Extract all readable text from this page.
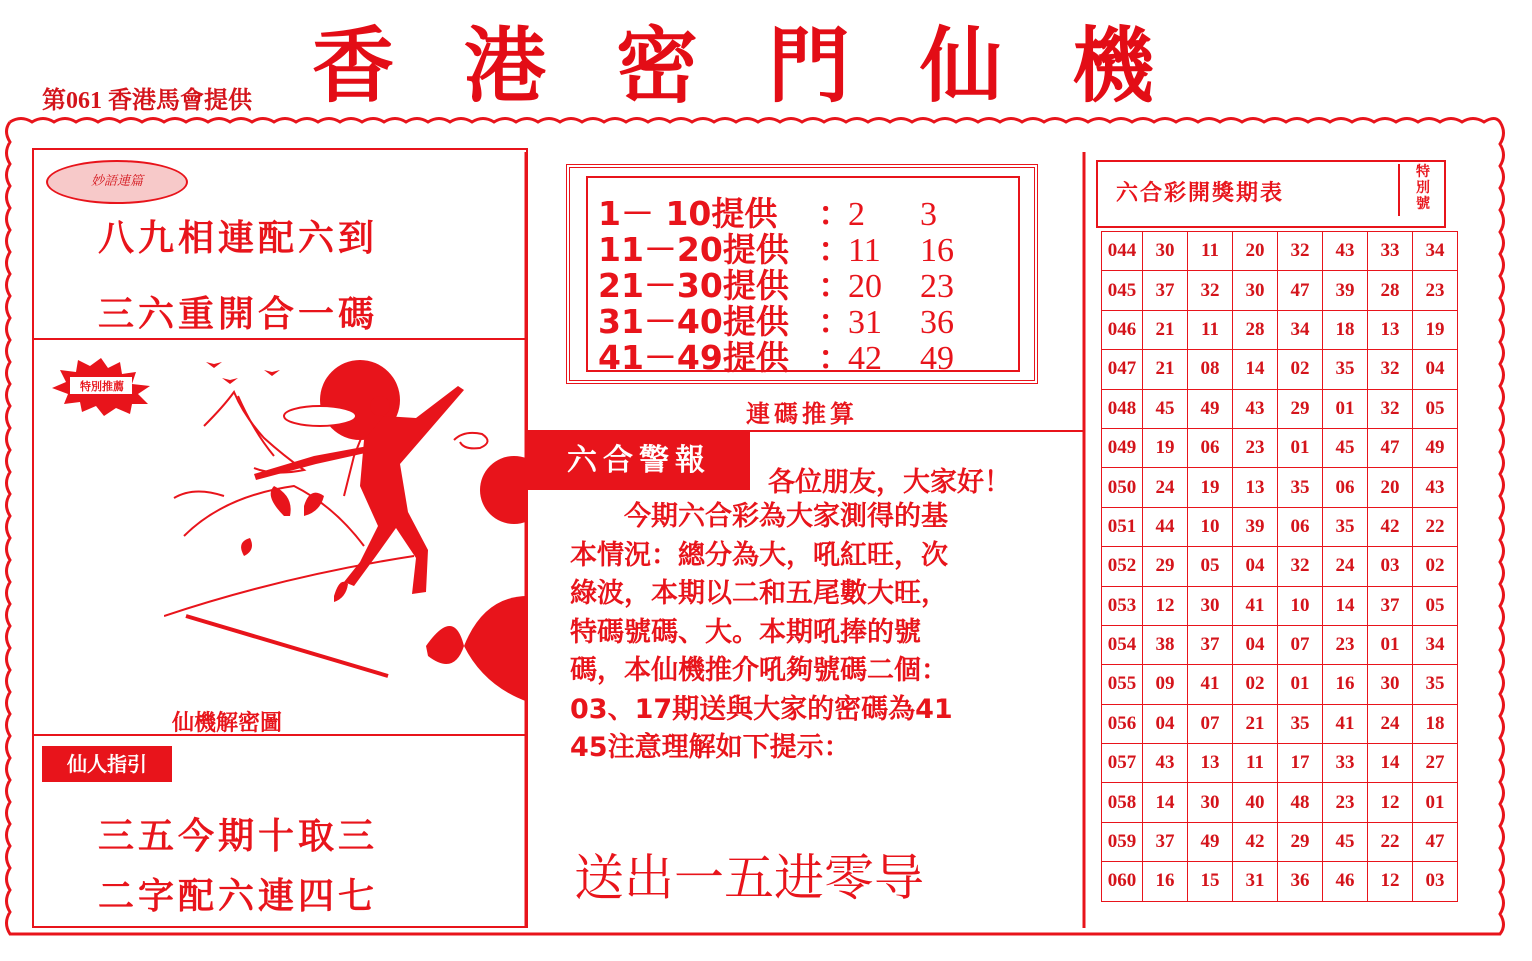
第061 香港馬會提供 香港密門仙機
妙語連篇
八九相連配六到
三六重開合一碼
特別推薦
仙機解密圖
仙人指引
三五今期十取三
二字配六連四七
1－ 10提供 ：2 3
11－20提供 ：11 16
21－30提供 ：20 23
31－40提供 ：31 36
41－49提供 ：42 49
連碼推算
六合警報
各位朋友，大家好！
　　今期六合彩為大家測得的基
本情況：總分為大，吼紅旺，次
綠波，本期以二和五尾數大旺，
特碼號碼、大。本期吼捧的號
碼，本仙機推介吼夠號碼二個：
03、17期送與大家的密碼為41
45注意理解如下提示：
送出一五进零导
六合彩開獎期表
特別號
044	30	11	20	32	43	33	34
045	37	32	30	47	39	28	23
046	21	11	28	34	18	13	19
047	21	08	14	02	35	32	04
048	45	49	43	29	01	32	05
049	19	06	23	01	45	47	49
050	24	19	13	35	06	20	43
051	44	10	39	06	35	42	22
052	29	05	04	32	24	03	02
053	12	30	41	10	14	37	05
054	38	37	04	07	23	01	34
055	09	41	02	01	16	30	35
056	04	07	21	35	41	24	18
057	43	13	11	17	33	14	27
058	14	30	40	48	23	12	01
059	37	49	42	29	45	22	47
060	16	15	31	36	46	12	03
